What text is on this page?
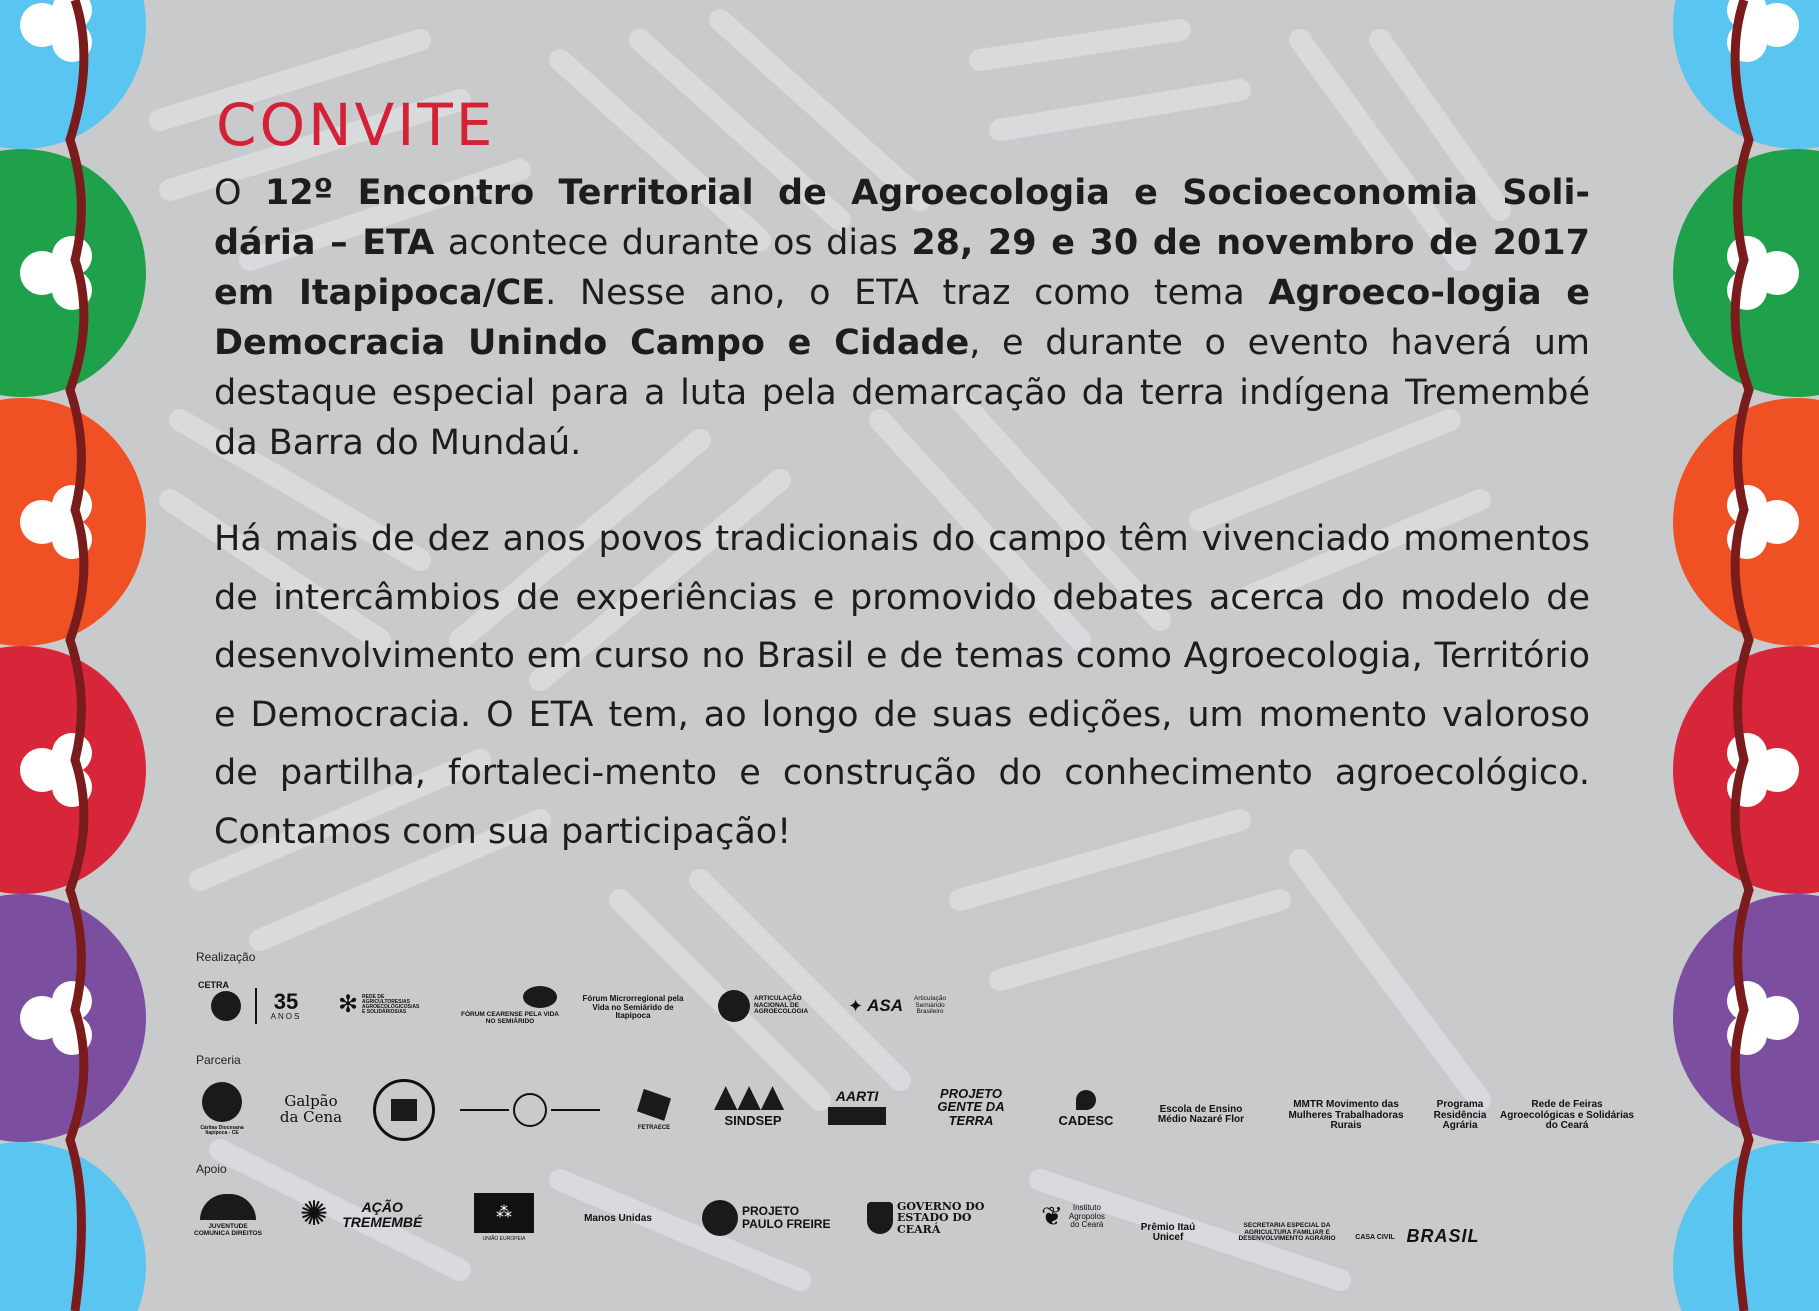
CONVITE

O 12º Encontro Territorial de Agroecologia e Socioeconomia Soli-dária – ETA acontece durante os dias 28, 29 e 30 de novembro de 2017 em Itapipoca/CE. Nesse ano, o ETA traz como tema Agroeco-logia e Democracia Unindo Campo e Cidade, e durante o evento haverá um destaque especial para a luta pela demarcação da terra indígena Tremembé da Barra do Mundaú.

Há mais de dez anos povos tradicionais do campo têm vivenciado momentos de intercâmbios de experiências e promovido debates acerca do modelo de desenvolvimento em curso no Brasil e de temas como Agroecologia, Território e Democracia. O ETA tem, ao longo de suas edições, um momento valoroso de partilha, fortaleci-mento e construção do conhecimento agroecológico. Contamos com sua participação!

Realização
CETRA
35
ANOS ✻ REDE DE AGRICULTORES/AS AGROECOLÓGICOS/AS E SOLIDÁRIOS/AS	FÓRUM CEARENSE PELA VIDA NO SEMIÁRIDO
Fórum Microrregional pela Vida no Semiárido de Itapipoca
ARTICULAÇÃO NACIONAL DE AGROECOLOGIA ✦ ASA	Articulação Semiárido Brasileiro
Parceria
Cáritas Diocesana Itapipoca - CE
Galpão da Cena
FETRAECE	SINDSEP
AARTI	PROJETO GENTE DA TERRA	CADESC
Escola de Ensino Médio Nazaré Flor
MMTR Movimento das Mulheres Trabalhadoras Rurais
Programa Residência Agrária
Rede de Feiras Agroecológicas e Solidárias do Ceará
Apoio
JUVENTUDE COMUNICA DIREITOS
✺	AÇÃO TREMEMBÉ
⁂
UNIÃO EUROPEIA
Manos Unidas	PROJETO PAULO FREIRE
GOVERNO DO ESTADO DO CEARÁ	❦	Instituto Agropolos do Ceará	Prêmio Itaú Unicef
SECRETARIA ESPECIAL DA AGRICULTURA FAMILIAR E DESENVOLVIMENTO AGRÁRIO	CASA CIVIL BRASIL
